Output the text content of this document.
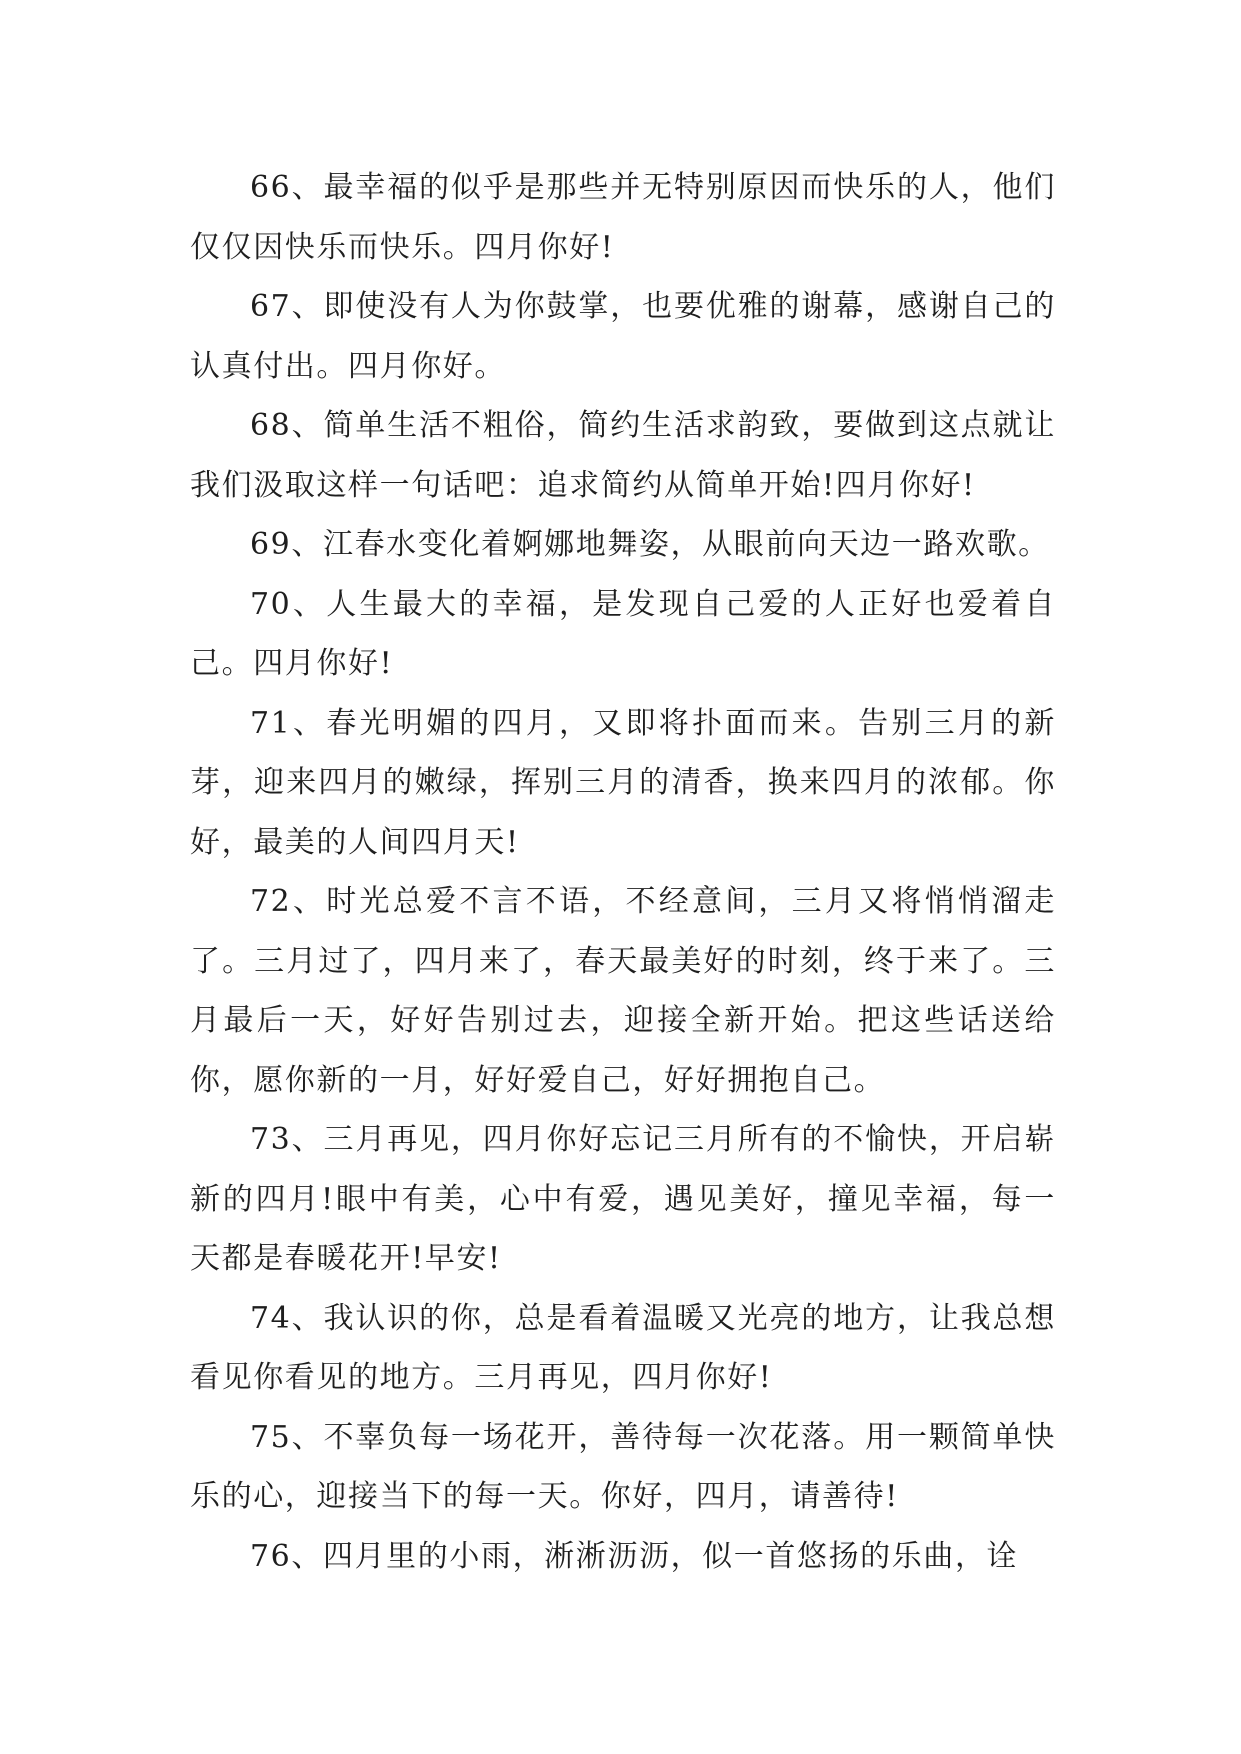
66、最幸福的似乎是那些并无特别原因而快乐的人，他们仅仅因快乐而快乐。四月你好!

67、即使没有人为你鼓掌，也要优雅的谢幕，感谢自己的认真付出。四月你好。

68、简单生活不粗俗，简约生活求韵致，要做到这点就让我们汲取这样一句话吧：追求简约从简单开始!四月你好!

69、江春水变化着婀娜地舞姿，从眼前向天边一路欢歌。

70、人生最大的幸福，是发现自己爱的人正好也爱着自己。四月你好!

71、春光明媚的四月，又即将扑面而来。告别三月的新芽，迎来四月的嫩绿，挥别三月的清香，换来四月的浓郁。你好，最美的人间四月天!

72、时光总爱不言不语，不经意间，三月又将悄悄溜走了。三月过了，四月来了，春天最美好的时刻，终于来了。三月最后一天，好好告别过去，迎接全新开始。把这些话送给你，愿你新的一月，好好爱自己，好好拥抱自己。

73、三月再见，四月你好忘记三月所有的不愉快，开启崭新的四月!眼中有美，心中有爱，遇见美好，撞见幸福，每一天都是春暖花开!早安!

74、我认识的你，总是看着温暖又光亮的地方，让我总想看见你看见的地方。三月再见，四月你好!

75、不辜负每一场花开，善待每一次花落。用一颗简单快乐的心，迎接当下的每一天。你好，四月，请善待!

76、四月里的小雨，淅淅沥沥，似一首悠扬的乐曲，诠
